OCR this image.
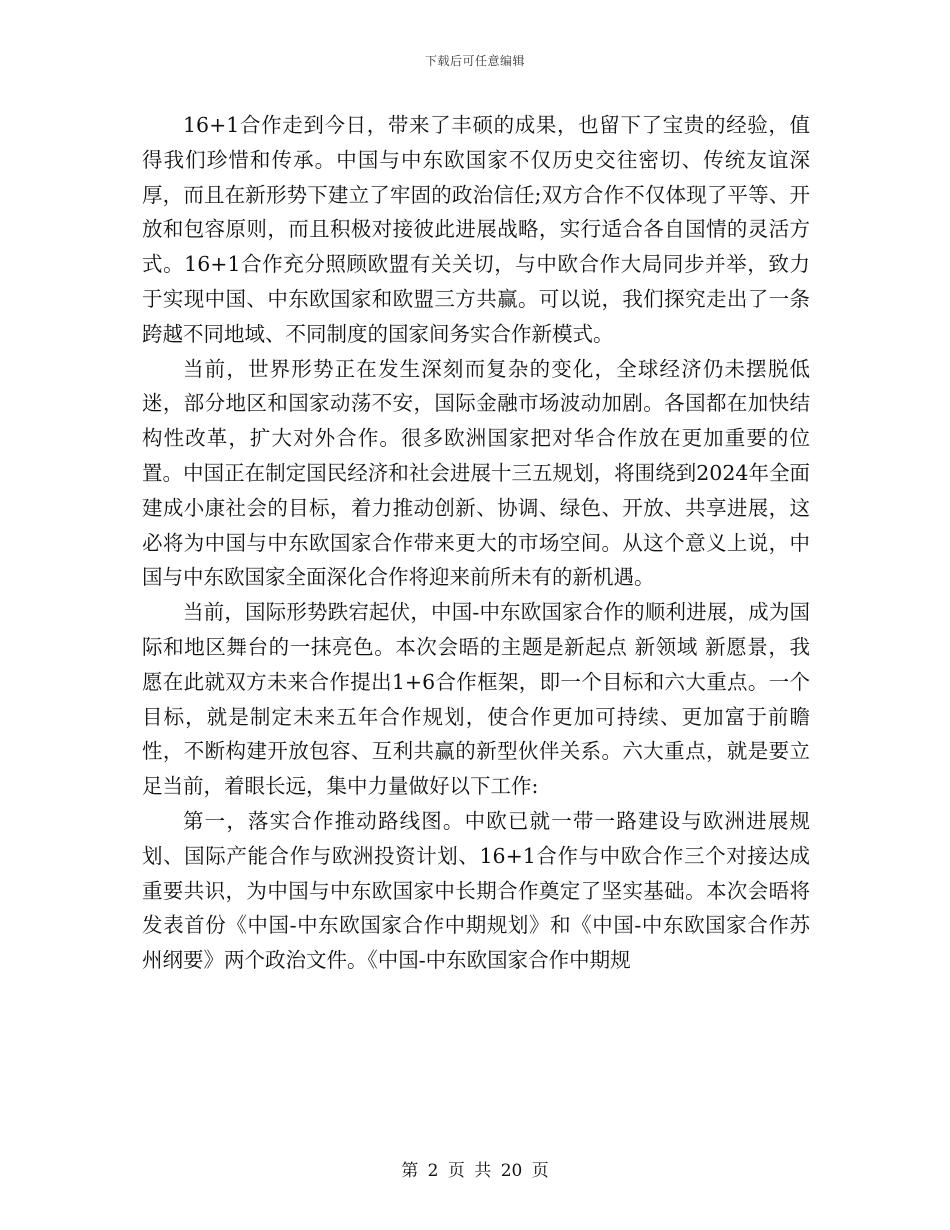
下载后可任意编辑

16+1合作走到今日，带来了丰硕的成果，也留下了宝贵的经验，值得我们珍惜和传承。中国与中东欧国家不仅历史交往密切、传统友谊深厚，而且在新形势下建立了牢固的政治信任;双方合作不仅体现了平等、开放和包容原则，而且积极对接彼此进展战略，实行适合各自国情的灵活方式。16+1合作充分照顾欧盟有关关切，与中欧合作大局同步并举，致力于实现中国、中东欧国家和欧盟三方共赢。可以说，我们探究走出了一条跨越不同地域、不同制度的国家间务实合作新模式。

当前，世界形势正在发生深刻而复杂的变化，全球经济仍未摆脱低迷，部分地区和国家动荡不安，国际金融市场波动加剧。各国都在加快结构性改革，扩大对外合作。很多欧洲国家把对华合作放在更加重要的位置。中国正在制定国民经济和社会进展十三五规划，将围绕到2024年全面建成小康社会的目标，着力推动创新、协调、绿色、开放、共享进展，这必将为中国与中东欧国家合作带来更大的市场空间。从这个意义上说，中国与中东欧国家全面深化合作将迎来前所未有的新机遇。

当前，国际形势跌宕起伏，中国-中东欧国家合作的顺利进展，成为国际和地区舞台的一抹亮色。本次会晤的主题是新起点 新领域 新愿景，我愿在此就双方未来合作提出1+6合作框架，即一个目标和六大重点。一个目标，就是制定未来五年合作规划，使合作更加可持续、更加富于前瞻性，不断构建开放包容、互利共赢的新型伙伴关系。六大重点，就是要立足当前，着眼长远，集中力量做好以下工作:

第一，落实合作推动路线图。中欧已就一带一路建设与欧洲进展规划、国际产能合作与欧洲投资计划、16+1合作与中欧合作三个对接达成重要共识，为中国与中东欧国家中长期合作奠定了坚实基础。本次会晤将发表首份《中国-中东欧国家合作中期规划》和《中国-中东欧国家合作苏州纲要》两个政治文件。《中国-中东欧国家合作中期规

第 2 页 共 20 页
